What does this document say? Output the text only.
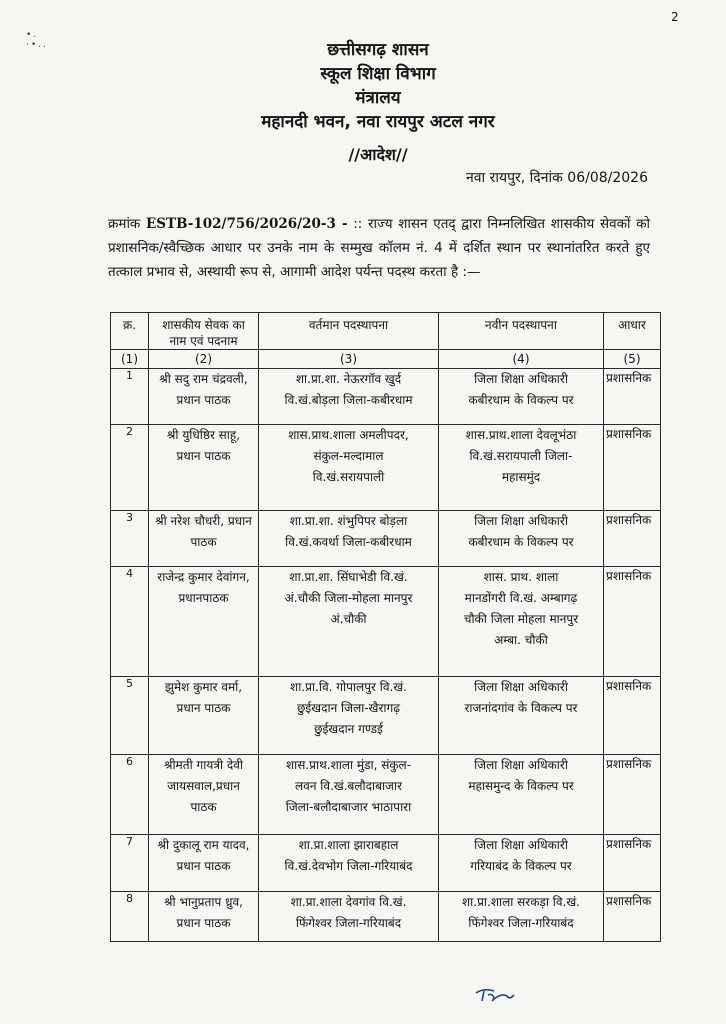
2
•.
·•..	छत्तीसगढ़ शासन
स्कूल शिक्षा विभाग
मंत्रालय
महानदी भवन, नवा रायपुर अटल नगर
//आदेश//
नवा रायपुर, दिनांक 06/08/2026
क्रमांक ESTB-102/756/2026/20-3 - :: राज्य शासन एतद् द्वारा निम्नलिखित शासकीय सेवकों को प्रशासनिक/स्वैच्छिक आधार पर उनके नाम के सम्मुख कॉलम नं. 4 में दर्शित स्थान पर स्थानांतरित करते हुए तत्काल प्रभाव से, अस्थायी रूप से, आगामी आदेश पर्यन्त पदस्थ करता है :—
क्र.	शासकीय सेवक का
नाम एवं पदनाम	वर्तमान पदस्थापना	नवीन पदस्थापना	आधार
(1)	(2)	(3)	(4)	(5)
1	श्री सदु राम चंद्रवली,
प्रधान पाठक	शा.प्रा.शा. नेऊरगॉव खुर्द
वि.खं.बोड़ला जिला-कबीरधाम	जिला शिक्षा अधिकारी
कबीरधाम के विकल्प पर	प्रशासनिक
2	श्री युधिष्ठिर साहू,
प्रधान पाठक	शास.प्राथ.शाला अमलीपदर,
संकुल-मल्दामाल
वि.खं.सरायपाली	शास.प्राथ.शाला देवलूभंठा
वि.खं.सरायपाली जिला-
महासमुंद	प्रशासनिक
3	श्री नरेश चौधरी, प्रधान
पाठक	शा.प्रा.शा. शंभुपिपर बोड़ला
वि.खं.कवर्धा जिला-कबीरधाम	जिला शिक्षा अधिकारी
कबीरधाम के विकल्प पर	प्रशासनिक
4	राजेन्द्र कुमार देवांगन,
प्रधानपाठक	शा.प्रा.शा. सिंघाभेडी वि.खं.
अं.चौकी जिला-मोहला मानपुर
अं.चौकी	शास. प्राथ. शाला
मानडोंगरी वि.खं. अम्बागढ़
चौकी जिला मोहला मानपुर
अम्बा. चौकी	प्रशासनिक
5	झुमेश कुमार वर्मा,
प्रधान पाठक	शा.प्रा.वि. गोपालपुर वि.खं.
छुईखदान जिला-खैरागढ़
छुईखदान गण्डई	जिला शिक्षा अधिकारी
राजनांदगांव के विकल्प पर	प्रशासनिक
6	श्रीमती गायत्री देवी
जायसवाल,प्रधान
पाठक	शास.प्राथ.शाला मुंडा, संकुल-
लवन वि.खं.बलौदाबाजार
जिला-बलौदाबाजार भाठापारा	जिला शिक्षा अधिकारी
महासमुन्द के विकल्प पर	प्रशासनिक
7	श्री दुकालू राम यादव,
प्रधान पाठक	शा.प्रा.शाला झाराबहाल
वि.खं.देवभोग जिला-गरियाबंद	जिला शिक्षा अधिकारी
गरियाबंद के विकल्प पर	प्रशासनिक
8	श्री भानुप्रताप ध्रुव,
प्रधान पाठक	शा.प्रा.शाला देवगांव वि.खं.
फिंगेश्वर जिला-गरियाबंद	शा.प्रा.शाला सरकड़ा वि.खं.
फिंगेश्वर जिला-गरियाबंद	प्रशासनिक
